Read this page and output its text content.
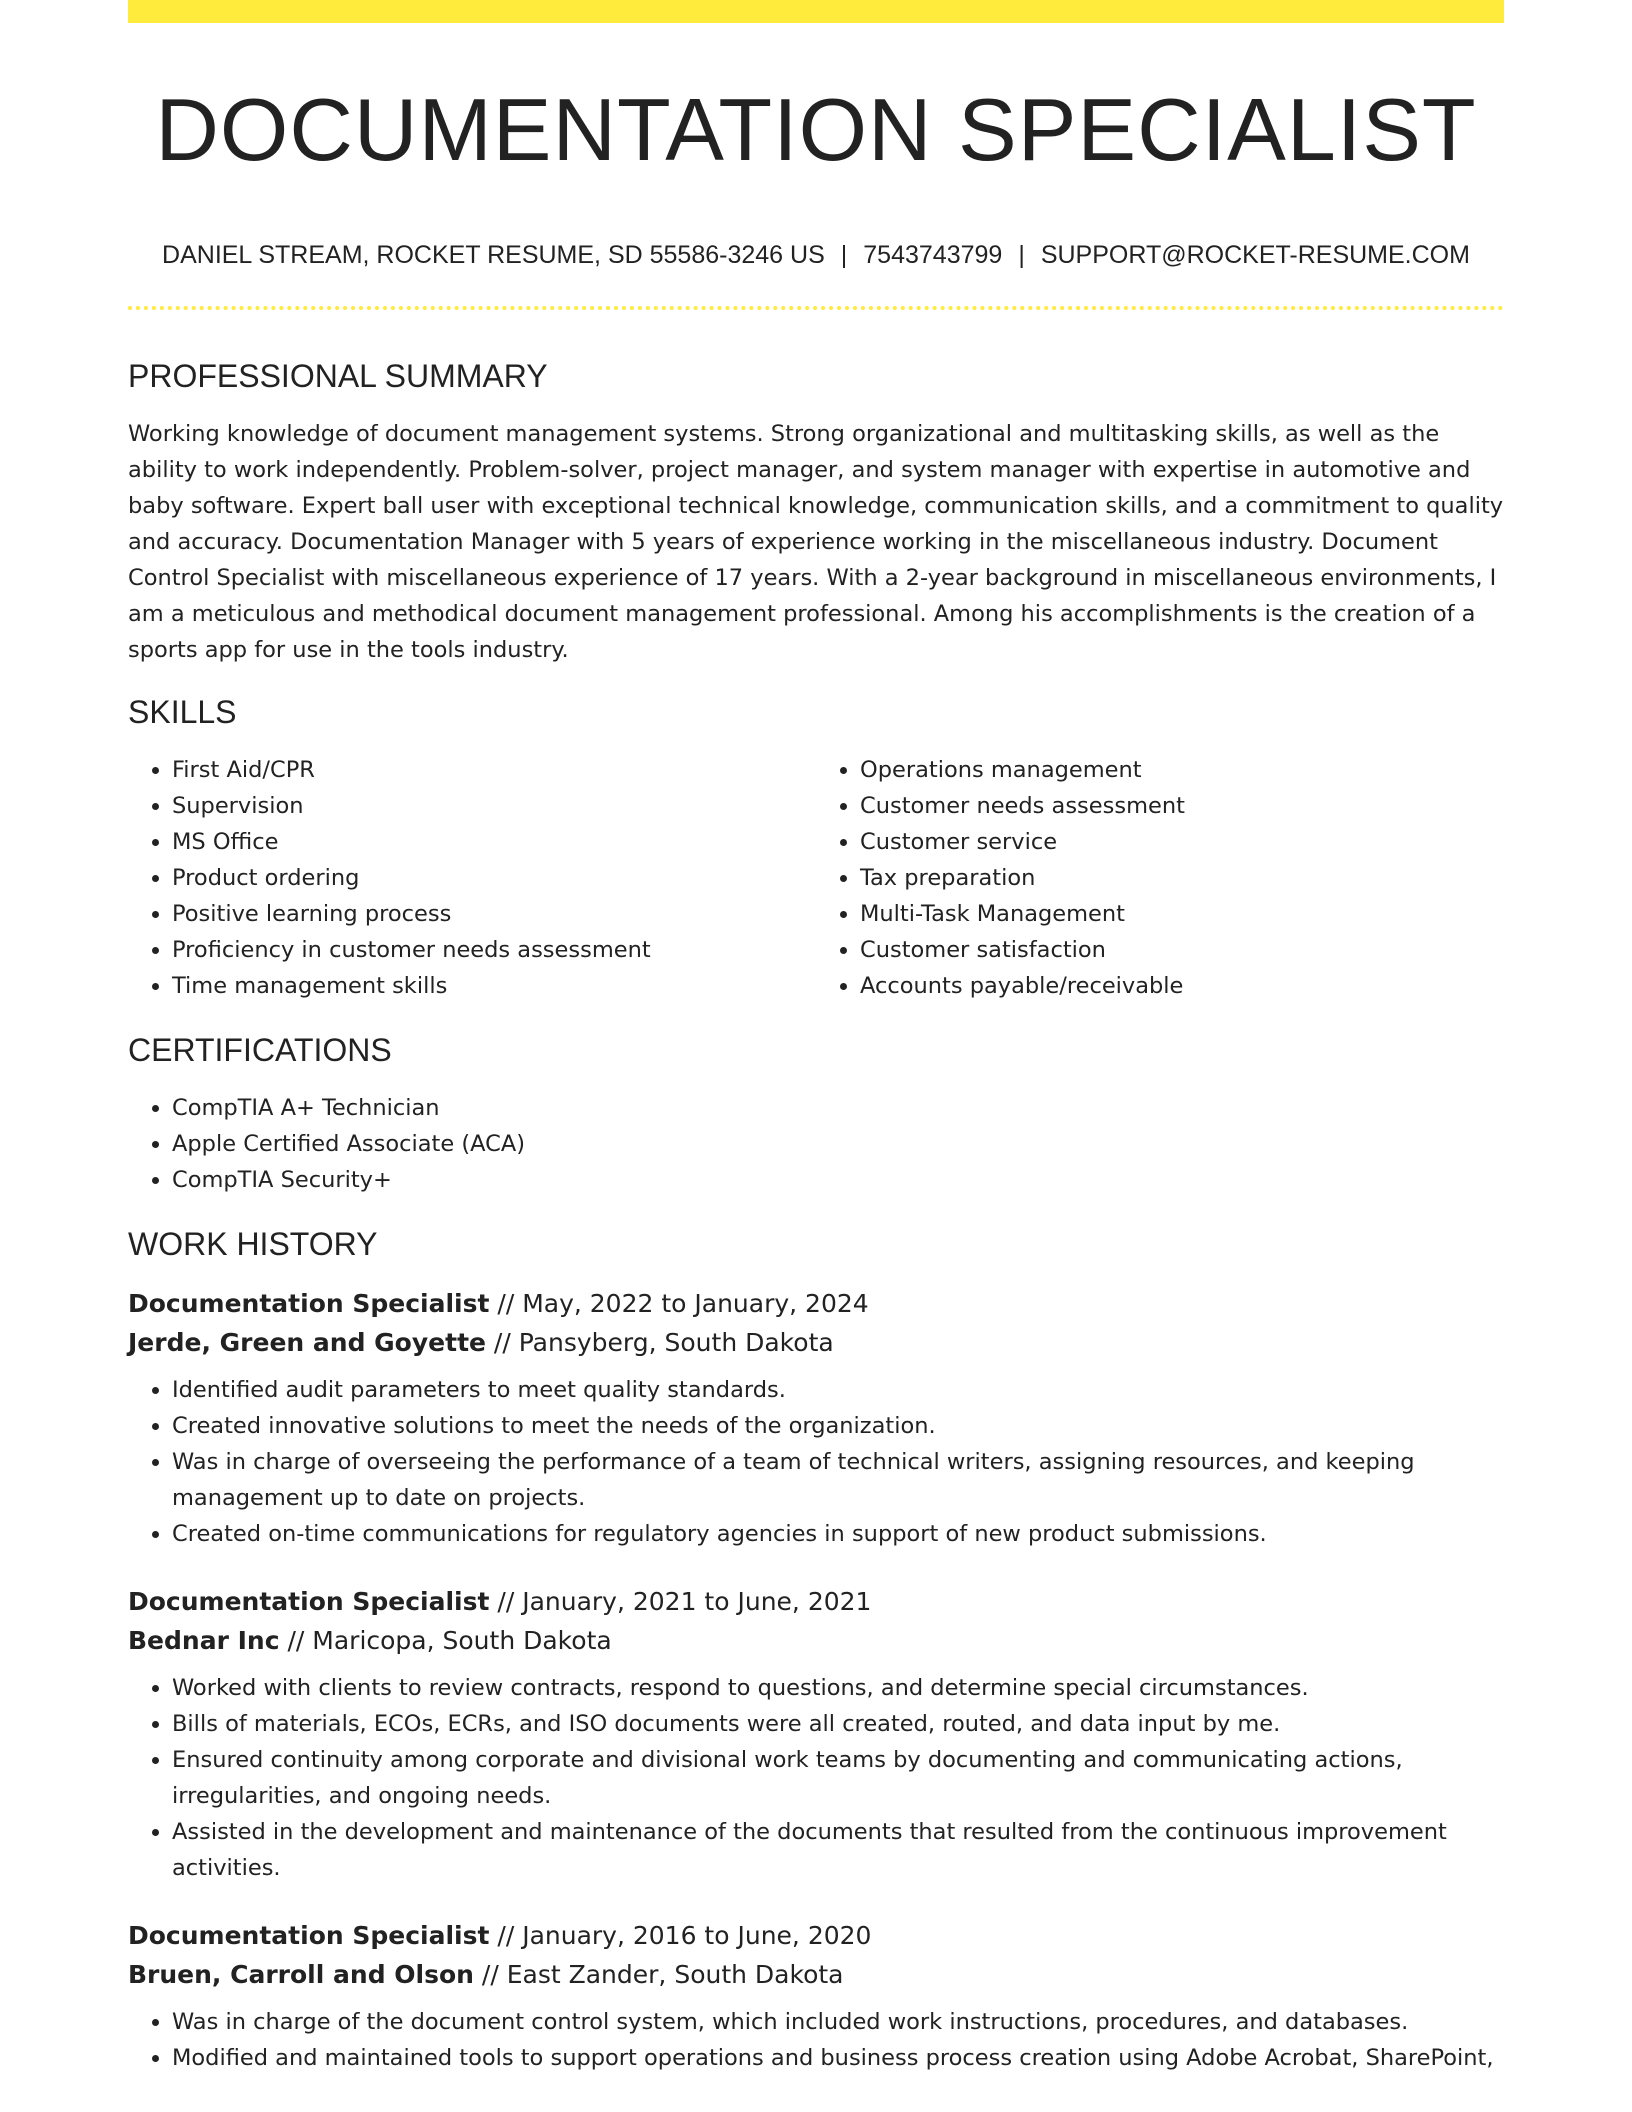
DOCUMENTATION SPECIALIST
DANIEL STREAM, ROCKET RESUME, SD 55586-3246 US | 7543743799 | SUPPORT@ROCKET-RESUME.COM
PROFESSIONAL SUMMARY

Working knowledge of document management systems. Strong organizational and multitasking skills, as well as the ability to work independently. Problem-solver, project manager, and system manager with expertise in automotive and baby software. Expert ball user with exceptional technical knowledge, communication skills, and a commitment to quality and accuracy. Documentation Manager with 5 years of experience working in the miscellaneous industry. Document Control Specialist with miscellaneous experience of 17 years. With a 2-year background in miscellaneous environments, I am a meticulous and methodical document management professional. Among his accomplishments is the creation of a sports app for use in the tools industry.

SKILLS
• First Aid/CPR
• Supervision
• MS Office
• Product ordering
• Positive learning process
• Proficiency in customer needs assessment
• Time management skills
• Operations management
• Customer needs assessment
• Customer service
• Tax preparation
• Multi-Task Management
• Customer satisfaction
• Accounts payable/receivable
CERTIFICATIONS
• CompTIA A+ Technician
• Apple Certified Associate (ACA)
• CompTIA Security+
WORK HISTORY
Documentation Specialist // May, 2022 to January, 2024
Jerde, Green and Goyette // Pansyberg, South Dakota
• Identified audit parameters to meet quality standards.
• Created innovative solutions to meet the needs of the organization.
• Was in charge of overseeing the performance of a team of technical writers, assigning resources, and keeping management up to date on projects.
• Created on-time communications for regulatory agencies in support of new product submissions.
Documentation Specialist // January, 2021 to June, 2021
Bednar Inc // Maricopa, South Dakota
• Worked with clients to review contracts, respond to questions, and determine special circumstances.
• Bills of materials, ECOs, ECRs, and ISO documents were all created, routed, and data input by me.
• Ensured continuity among corporate and divisional work teams by documenting and communicating actions, irregularities, and ongoing needs.
• Assisted in the development and maintenance of the documents that resulted from the continuous improvement activities.
Documentation Specialist // January, 2016 to June, 2020
Bruen, Carroll and Olson // East Zander, South Dakota
• Was in charge of the document control system, which included work instructions, procedures, and databases.
• Modified and maintained tools to support operations and business process creation using Adobe Acrobat, SharePoint,
